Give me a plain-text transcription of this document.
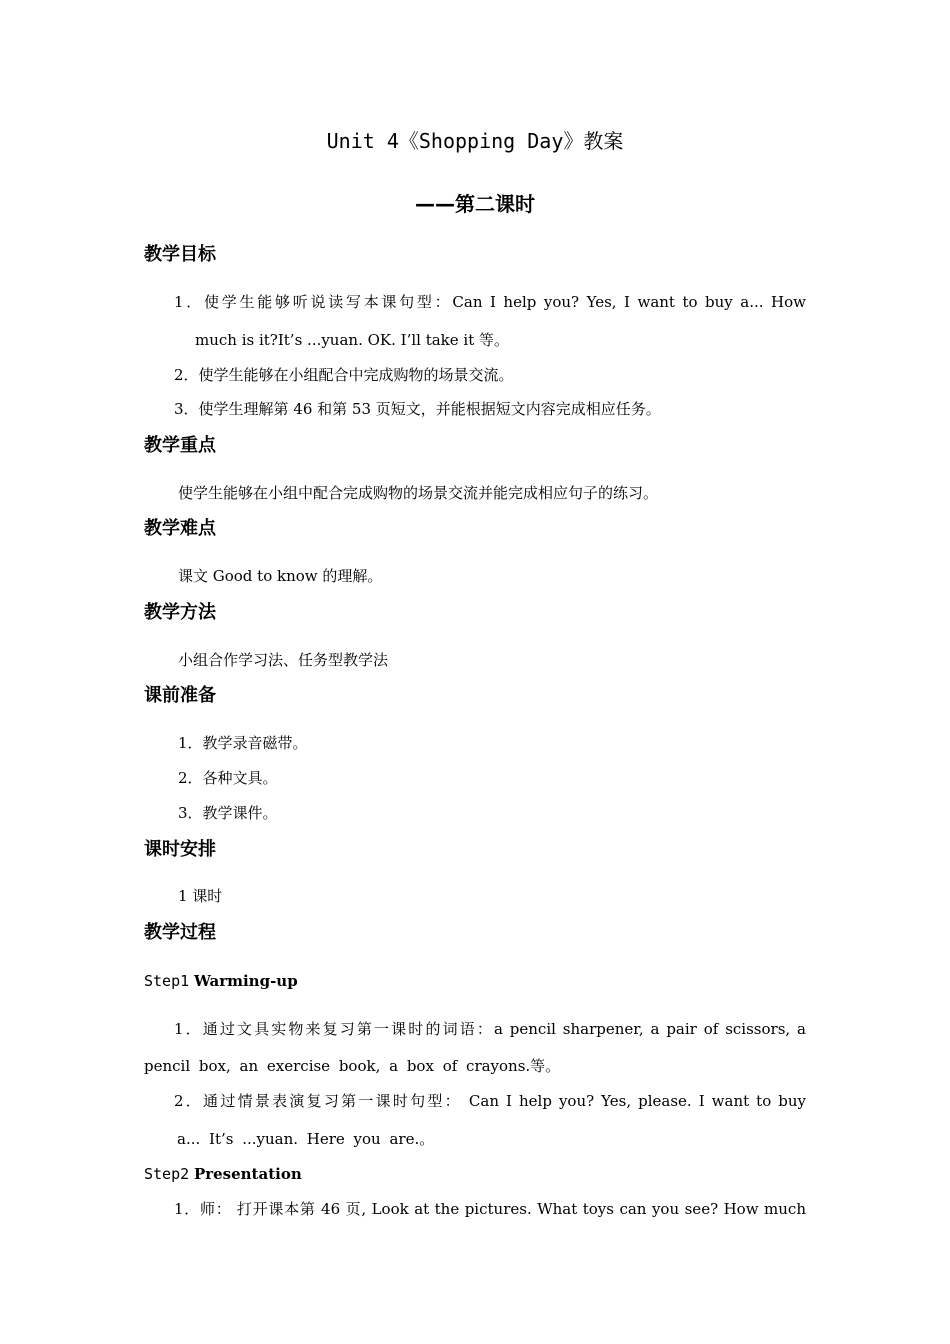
Unit 4《Shopping Day》教案
——第二课时
教学目标
1．使学生能够听说读写本课句型：Can I help you? Yes, I want to buy a... How
much is it?It’s ...yuan. OK. I’ll take it 等。
2．使学生能够在小组配合中完成购物的场景交流。
3．使学生理解第 46 和第 53 页短文，并能根据短文内容完成相应任务。
教学重点
使学生能够在小组中配合完成购物的场景交流并能完成相应句子的练习。
教学难点
课文 Good to know 的理解。
教学方法
小组合作学习法、任务型教学法
课前准备
1．教学录音磁带。
2．各种文具。
3．教学课件。
课时安排
1 课时
教学过程
Step1 Warming-up
1．通过文具实物来复习第一课时的词语：a pencil sharpener, a pair of scissors, a
pencil box, an exercise book, a box of crayons.等。
2．通过情景表演复习第一课时句型： Can I help you? Yes, please. I want to buy
a... It’s ...yuan. Here you are.。
Step2 Presentation
1．师： 打开课本第 46 页, Look at the pictures. What toys can you see? How much
